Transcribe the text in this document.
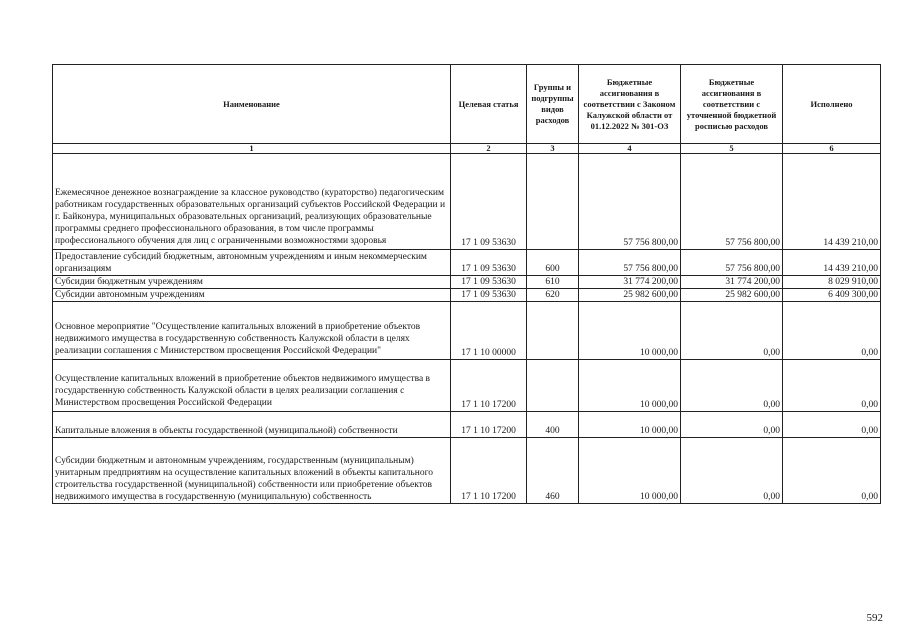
Наименование	Целевая статья	Группы и подгруппы видов расходов	Бюджетные ассигнования в соответствии с Законом Калужской области от 01.12.2022 № 301-ОЗ	Бюджетные ассигнования в соответствии с уточненной бюджетной росписью расходов	Исполнено
1	2	3	4	5	6
Ежемесячное денежное вознаграждение за классное руководство (кураторство) педагогическим работникам государственных образовательных организаций субъектов Российской Федерации и г. Байконура, муниципальных образовательных организаций, реализующих образовательные программы среднего профессионального образования, в том числе программы профессионального обучения для лиц с ограниченными возможностями здоровья	17 1 09 53630		57 756 800,00	57 756 800,00	14 439 210,00
Предоставление субсидий бюджетным, автономным учреждениям и иным некоммерческим организациям	17 1 09 53630	600	57 756 800,00	57 756 800,00	14 439 210,00
Субсидии бюджетным учреждениям	17 1 09 53630	610	31 774 200,00	31 774 200,00	8 029 910,00
Субсидии автономным учреждениям	17 1 09 53630	620	25 982 600,00	25 982 600,00	6 409 300,00
Основное мероприятие "Осуществление капитальных вложений в приобретение объектов недвижимого имущества в государственную собственность Калужской области в целях реализации соглашения с Министерством просвещения Российской Федерации"	17 1 10 00000		10 000,00	0,00	0,00
Осуществление капитальных вложений в приобретение объектов недвижимого имущества в государственную собственность Калужской области в целях реализации соглашения с Министерством просвещения Российской Федерации	17 1 10 17200		10 000,00	0,00	0,00
Капитальные вложения в объекты государственной (муниципальной) собственности	17 1 10 17200	400	10 000,00	0,00	0,00
Субсидии бюджетным и автономным учреждениям, государственным (муниципальным) унитарным предприятиям на осуществление капитальных вложений в объекты капитального строительства государственной (муниципальной) собственности или приобретение объектов недвижимого имущества в государственную (муниципальную) собственность	17 1 10 17200	460	10 000,00	0,00	0,00
592
